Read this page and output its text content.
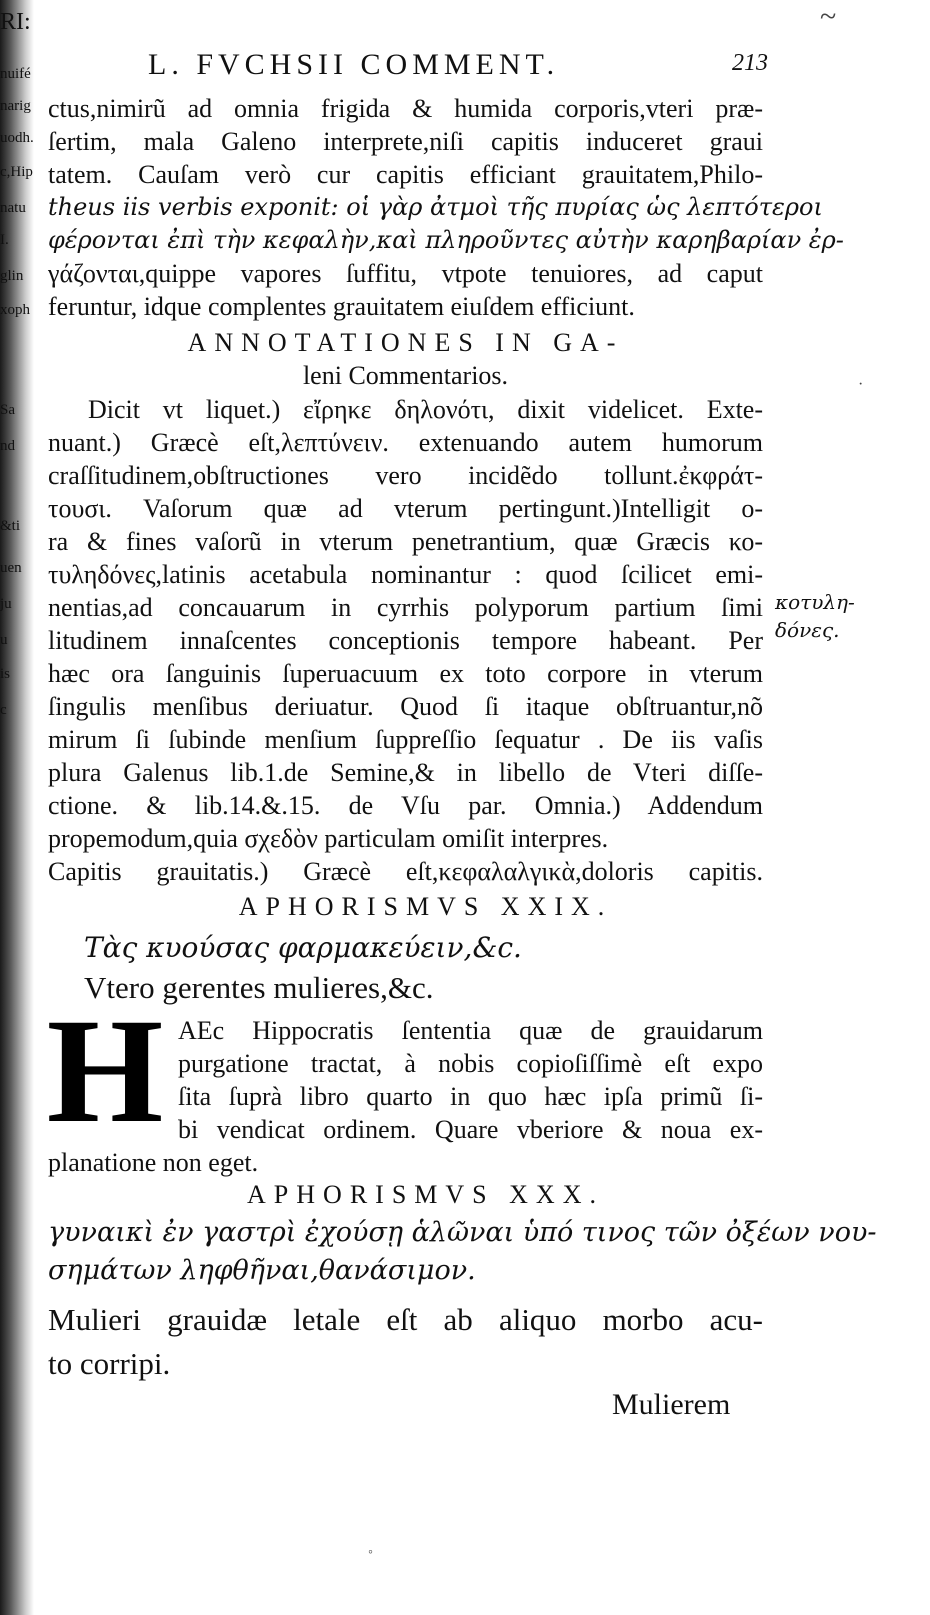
RI:
nuifé
narig
uodh.
c,Hip
natu
I.
glin
xoph
Sa
nd
&ti
uen
ju
u
is
c
L. FVCHSII COMMENT.	213
ctus,nimirũ ad omnia frigida & humida corporis,vteri præ-
ſertim, mala Galeno interprete,niſi capitis induceret graui
tatem. Cauſam verò cur capitis efficiant grauitatem,Philo-
theus iis verbis exponit: οἱ γὰρ ἀτμοὶ τῆς πυρίας ὡς λεπτότεροι
φέρονται ἐπὶ τὴν κεφαλὴν,καὶ πληροῦντες αὐτὴν καρηβαρίαν ἐρ-
γάζονται,quippe vapores ſuffitu, vtpote tenuiores, ad caput
feruntur, idque complentes grauitatem eiuſdem efficiunt.
ANNOTATIONES IN GA-
leni Commentarios.
Dicit vt liquet.) εἴρηκε δηλονότι, dixit videlicet. Exte-
nuant.) Græcè eſt,λεπτύνειν. extenuando autem humorum
craſſitudinem,obſtructiones vero incidẽdo tollunt.ἐκφράτ-
τουσι. Vaſorum quæ ad vterum pertingunt.)Intelligit o-
ra & fines vaſorũ in vterum penetrantium, quæ Græcis κο-
τυληδόνες,latinis acetabula nominantur : quod ſcilicet emi-
nentias,ad concauarum in cyrrhis polyporum partium ſimi
litudinem innaſcentes conceptionis tempore habeant. Per
hæc ora ſanguinis ſuperuacuum ex toto corpore in vterum
ſingulis menſibus deriuatur. Quod ſi itaque obſtruantur,nõ
mirum ſi ſubinde menſium ſuppreſſio ſequatur . De iis vaſis
plura Galenus lib.1.de Semine,& in libello de Vteri diſſe-
ctione. & lib.14.&.15. de Vſu par. Omnia.) Addendum
propemodum,quia σχεδὸν particulam omiſit interpres.
Capitis grauitatis.) Græcè eſt,κεφαλαλγικὰ,doloris capitis.
κοτυλη-
δόνες.
APHORISMVS XXIX.
Τὰς κυούσας φαρμακεύειν,&c.
Vtero gerentes mulieres,&c.
H AEc Hippocratis ſententia quæ de grauidarum
purgatione tractat, à nobis copioſiſſimè eſt expo
ſita ſuprà libro quarto in quo hæc ipſa primũ ſi-
bi vendicat ordinem. Quare vberiore & noua ex-
planatione non eget.
APHORISMVS XXX.
γυναικὶ ἐν γαστρὶ ἐχούσῃ ἁλῶναι ὑπό τινος τῶν ὀξέων νου-
σημάτων ληφθῆναι,θανάσιμον.
Mulieri grauidæ letale eſt ab aliquo morbo acu-
to corripi.
Mulierem
~
·
◦
